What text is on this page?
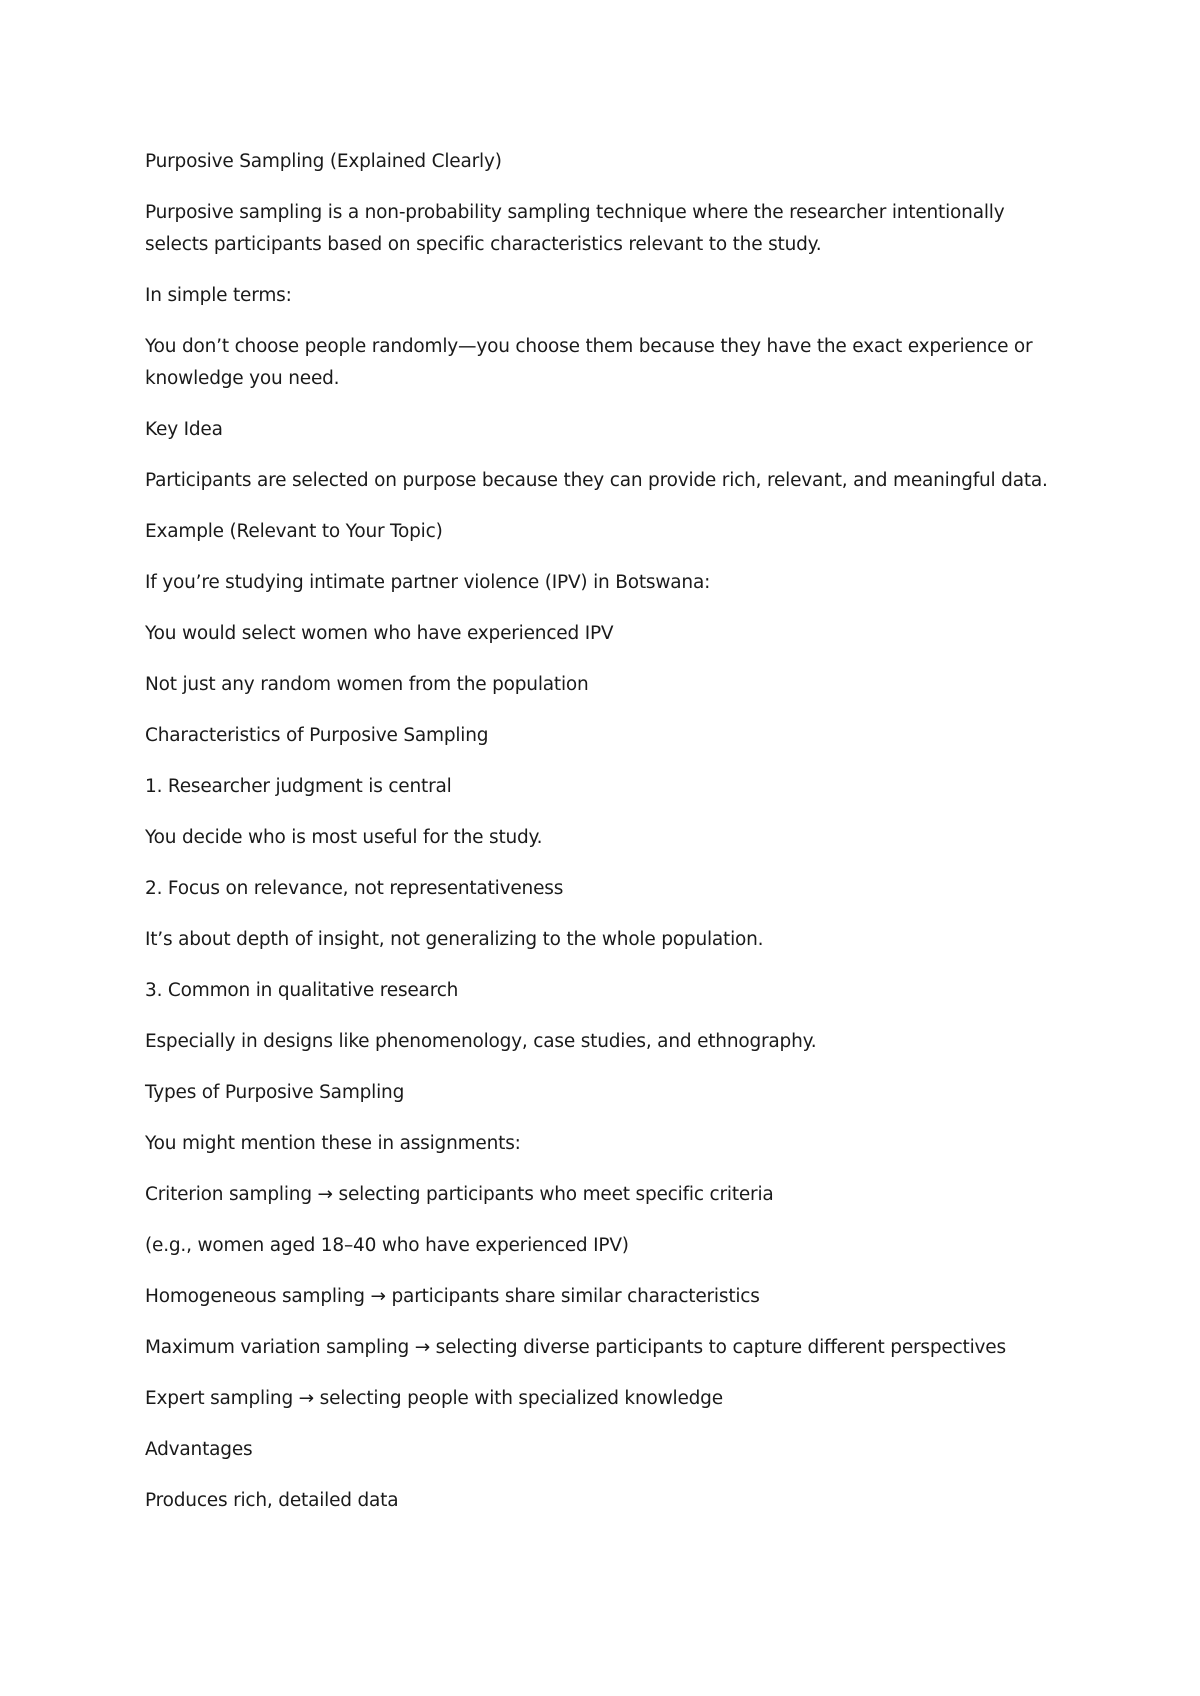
Purposive Sampling (Explained Clearly)

Purposive sampling is a non-probability sampling technique where the researcher intentionally selects participants based on specific characteristics relevant to the study.

In simple terms:

You don’t choose people randomly—you choose them because they have the exact experience or knowledge you need.

Key Idea

Participants are selected on purpose because they can provide rich, relevant, and meaningful data.

Example (Relevant to Your Topic)

If you’re studying intimate partner violence (IPV) in Botswana:

You would select women who have experienced IPV

Not just any random women from the population

Characteristics of Purposive Sampling

1. Researcher judgment is central

You decide who is most useful for the study.

2. Focus on relevance, not representativeness

It’s about depth of insight, not generalizing to the whole population.

3. Common in qualitative research

Especially in designs like phenomenology, case studies, and ethnography.

Types of Purposive Sampling

You might mention these in assignments:

Criterion sampling → selecting participants who meet specific criteria

(e.g., women aged 18–40 who have experienced IPV)

Homogeneous sampling → participants share similar characteristics

Maximum variation sampling → selecting diverse participants to capture different perspectives

Expert sampling → selecting people with specialized knowledge

Advantages

Produces rich, detailed data
